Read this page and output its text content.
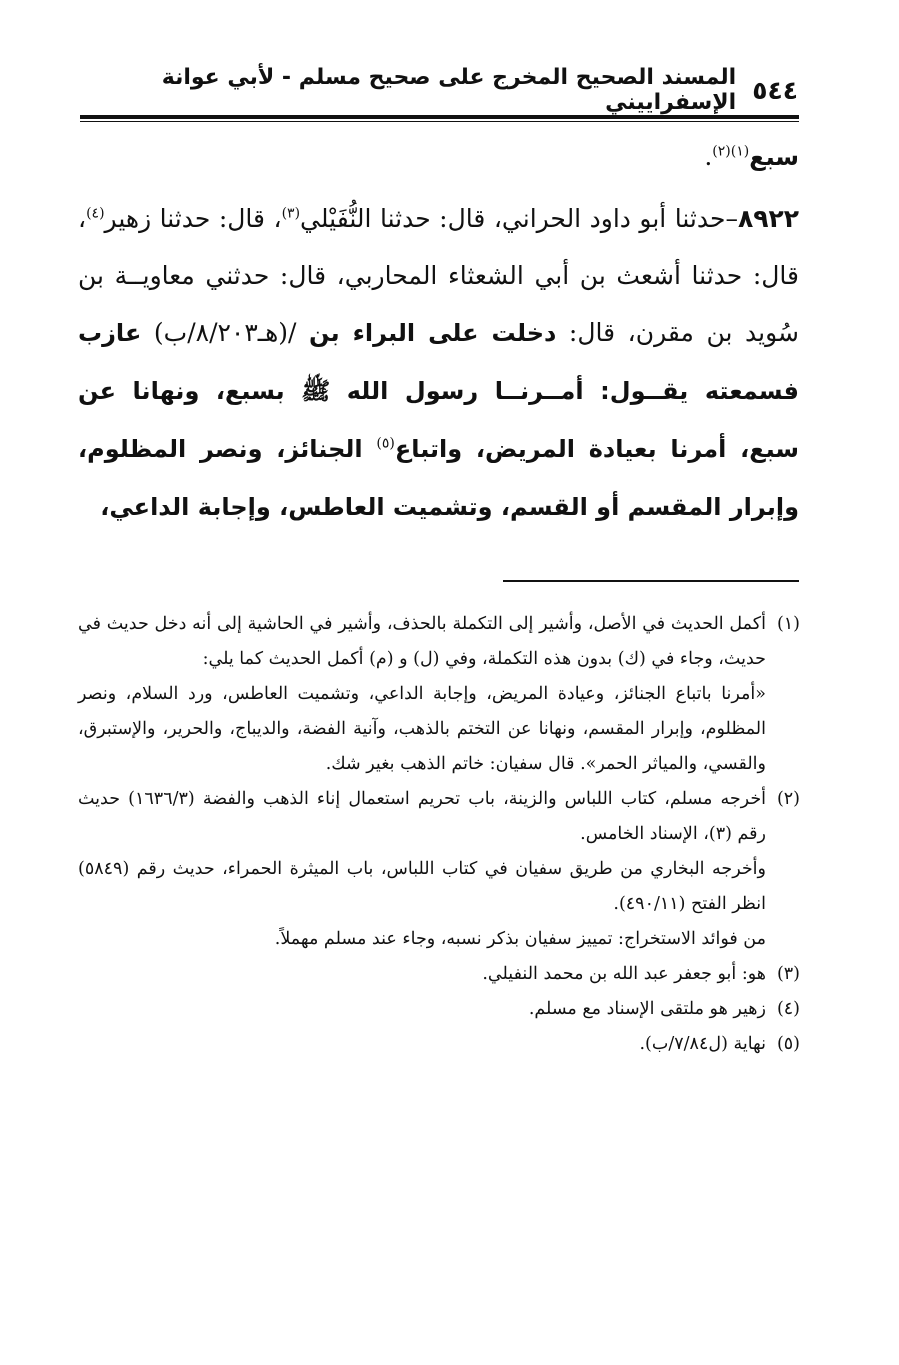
٥٤٤
المسند الصحيح المخرج على صحيح مسلم - لأبي عوانة الإسفراييني

سبع$^{(١)(٢)}$.

٨٩٢٢–حدثنا أبو داود الحراني، قال: حدثنا النُّفَيْلي$^{(٣)}$، قال: حدثنا زهير$^{(٤)}$، قال: حدثنا أشعث بن أبي الشعثاء المحاربي، قال: حدثني معاويــة بن سُويد بن مقرن، قال: دخلت على البراء بن /(هـ٨/٢٠٣/ب) عازب فسمعته يقــول: أمــرنــا رسول الله ﷺ بسبع، ونهانا عن سبع، أمرنا بعيادة المريض، واتباع$^{(٥)}$ الجنائز، ونصر المظلوم، وإبرار المقسم أو القسم، وتشميت العاطس، وإجابة الداعي،

(١)أكمل الحديث في الأصل، وأشير إلى التكملة بالحذف، وأشير في الحاشية إلى أنه دخل حديث في حديث، وجاء في (ك) بدون هذه التكملة، وفي (ل) و (م) أكمل الحديث كما يلي:

«أمرنا باتباع الجنائز، وعيادة المريض، وإجابة الداعي، وتشميت العاطس، ورد السلام، ونصر المظلوم، وإبرار المقسم، ونهانا عن التختم بالذهب، وآنية الفضة، والديباج، والحرير، والإستبرق، والقسي، والمياثر الحمر». قال سفيان: خاتم الذهب بغير شك.

(٢)أخرجه مسلم، كتاب اللباس والزينة، باب تحريم استعمال إناء الذهب والفضة (١٦٣٦/٣) حديث رقم (٣)، الإسناد الخامس.

وأخرجه البخاري من طريق سفيان في كتاب اللباس، باب الميثرة الحمراء، حديث رقم (٥٨٤٩) انظر الفتح (٤٩٠/١١).

من فوائد الاستخراج: تمييز سفيان بذكر نسبه، وجاء عند مسلم مهملاً.

(٣)هو: أبو جعفر عبد الله بن محمد النفيلي.

(٤)زهير هو ملتقى الإسناد مع مسلم.

(٥)نهاية (ل٧/٨٤/ب).
